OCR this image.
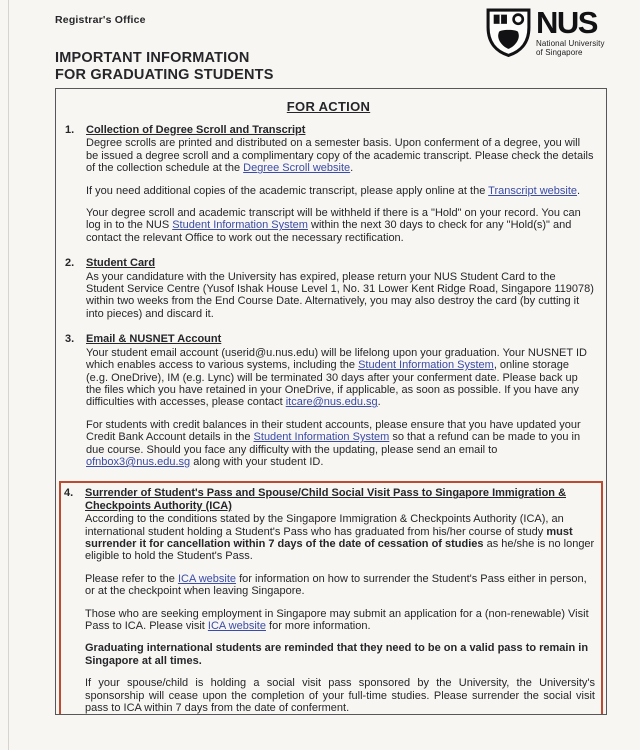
Registrar's Office
IMPORTANT INFORMATION
FOR GRADUATING STUDENTS
NUS
National University
of Singapore
FOR ACTION
1.	Collection of Degree Scroll and Transcript

Degree scrolls are printed and distributed on a semester basis. Upon conferment of a degree, you will be issued a degree scroll and a complimentary copy of the academic transcript. Please check the details of the collection schedule at the Degree Scroll website.

If you need additional copies of the academic transcript, please apply online at the Transcript website.

Your degree scroll and academic transcript will be withheld if there is a "Hold" on your record. You can log in to the NUS Student Information System within the next 30 days to check for any "Hold(s)" and contact the relevant Office to work out the necessary rectification.

2.	Student Card

As your candidature with the University has expired, please return your NUS Student Card to the Student Service Centre (Yusof Ishak House Level 1, No. 31 Lower Kent Ridge Road, Singapore 119078) within two weeks from the End Course Date. Alternatively, you may also destroy the card (by cutting it into pieces) and discard it.

3.	Email & NUSNET Account

Your student email account (userid@u.nus.edu) will be lifelong upon your graduation. Your NUSNET ID which enables access to various systems, including the Student Information System, online storage (e.g. OneDrive), IM (e.g. Lync) will be terminated 30 days after your conferment date. Please back up the files which you have retained in your OneDrive, if applicable, as soon as possible. If you have any difficulties with accesses, please contact itcare@nus.edu.sg.

For students with credit balances in their student accounts, please ensure that you have updated your Credit Bank Account details in the Student Information System so that a refund can be made to you in due course. Should you face any difficulty with the updating, please send an email to ofnbox3@nus.edu.sg along with your student ID.

4.	Surrender of Student's Pass and Spouse/Child Social Visit Pass to Singapore Immigration & Checkpoints Authority (ICA)

According to the conditions stated by the Singapore Immigration & Checkpoints Authority (ICA), an international student holding a Student's Pass who has graduated from his/her course of study must surrender it for cancellation within 7 days of the date of cessation of studies as he/she is no longer eligible to hold the Student's Pass.

Please refer to the ICA website for information on how to surrender the Student's Pass either in person, or at the checkpoint when leaving Singapore.

Those who are seeking employment in Singapore may submit an application for a (non-renewable) Visit Pass to ICA. Please visit ICA website for more information.

Graduating international students are reminded that they need to be on a valid pass to remain in Singapore at all times.

If your spouse/child is holding a social visit pass sponsored by the University, the University's sponsorship will cease upon the completion of your full-time studies. Please surrender the social visit pass to ICA within 7 days from the date of conferment.
